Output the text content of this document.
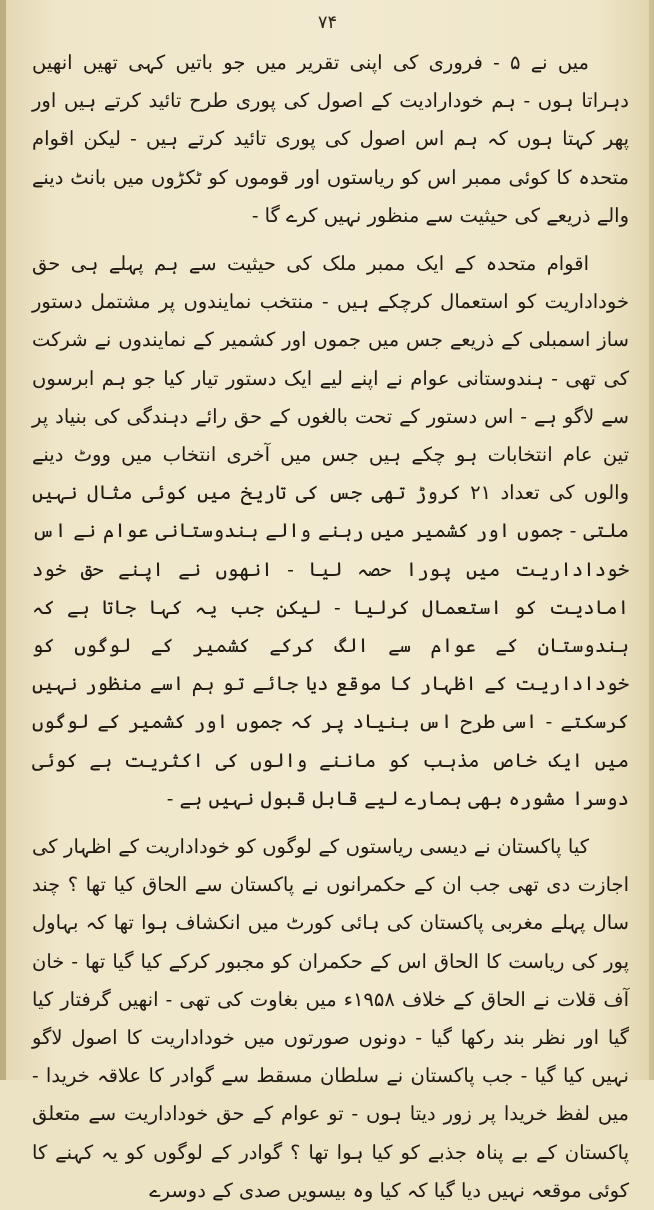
۷۴

میں نے ۵ - فروری کی اپنی تقریر میں جو باتیں کہی تھیں انھیں دہراتا ہوں - ہم خودارادیت کے اصول کی پوری طرح تائید کرتے ہیں اور پھر کہتا ہوں کہ ہم اس اصول کی پوری تائید کرتے ہیں - لیکن اقوام متحدہ کا کوئی ممبر اس کو ریاستوں اور قوموں کو ٹکڑوں میں بانٹ دینے والے ذریعے کی حیثیت سے منظور نہیں کرے گا -

اقوام متحدہ کے ایک ممبر ملک کی حیثیت سے ہم پہلے ہی حق خوداداریت کو استعمال کرچکے ہیں - منتخب نمایندوں پر مشتمل دستور ساز اسمبلی کے ذریعے جس میں جموں اور کشمیر کے نمایندوں نے شرکت کی تھی - ہندوستانی عوام نے اپنے لیے ایک دستور تیار کیا جو ہم ابرسوں سے لاگو ہے - اس دستور کے تحت بالغوں کے حق رائے دہندگی کی بنیاد پر تین عام انتخابات ہو چکے ہیں جس میں آخری انتخاب میں ووٹ دینے والوں کی تعداد ۲۱ کروڑ تھی جس کی تاریخ میں کوئی مثال نہیں ملتی - جموں اور کشمیر میں رہنے والے ہندوستانی عوام نے اس خوداداریت میں پورا حصہ لیا - انھوں نے اپنے حق خود امادیت کو استعمال کرلیا - لیکن جب یہ کہا جاتا ہے کہ ہندوستان کے عوام سے الگ کرکے کشمیر کے لوگوں کو خوداداریت کے اظہار کا موقع دیا جائے تو ہم اسے منظور نہیں کرسکتے - اسی طرح اس بنیاد پر کہ جموں اور کشمیر کے لوگوں میں ایک خاص مذہب کو ماننے والوں کی اکثریت ہے کوئی دوسرا مشورہ بھی ہمارے لیے قابل قبول نہیں ہے -

کیا پاکستان نے دیسی ریاستوں کے لوگوں کو خوداداریت کے اظہار کی اجازت دی تھی جب ان کے حکمرانوں نے پاکستان سے الحاق کیا تھا ؟ چند سال پہلے مغربی پاکستان کی ہائی کورٹ میں انکشاف ہوا تھا کہ بہاول پور کی ریاست کا الحاق اس کے حکمران کو مجبور کرکے کیا گیا تھا - خان آف قلات نے الحاق کے خلاف ۱۹۵۸ء میں بغاوت کی تھی - انھیں گرفتار کیا گیا اور نظر بند رکھا گیا - دونوں صورتوں میں خوداداریت کا اصول لاگو نہیں کیا گیا - جب پاکستان نے سلطان مسقط سے گوادر کا علاقہ خریدا - میں لفظ خریدا پر زور دیتا ہوں - تو عوام کے حق خوداداریت سے متعلق پاکستان کے بے پناہ جذبے کو کیا ہوا تھا ؟ گوادر کے لوگوں کو یہ کہنے کا کوئی موقعہ نہیں دیا گیا کہ کیا وہ بیسویں صدی کے دوسرے
